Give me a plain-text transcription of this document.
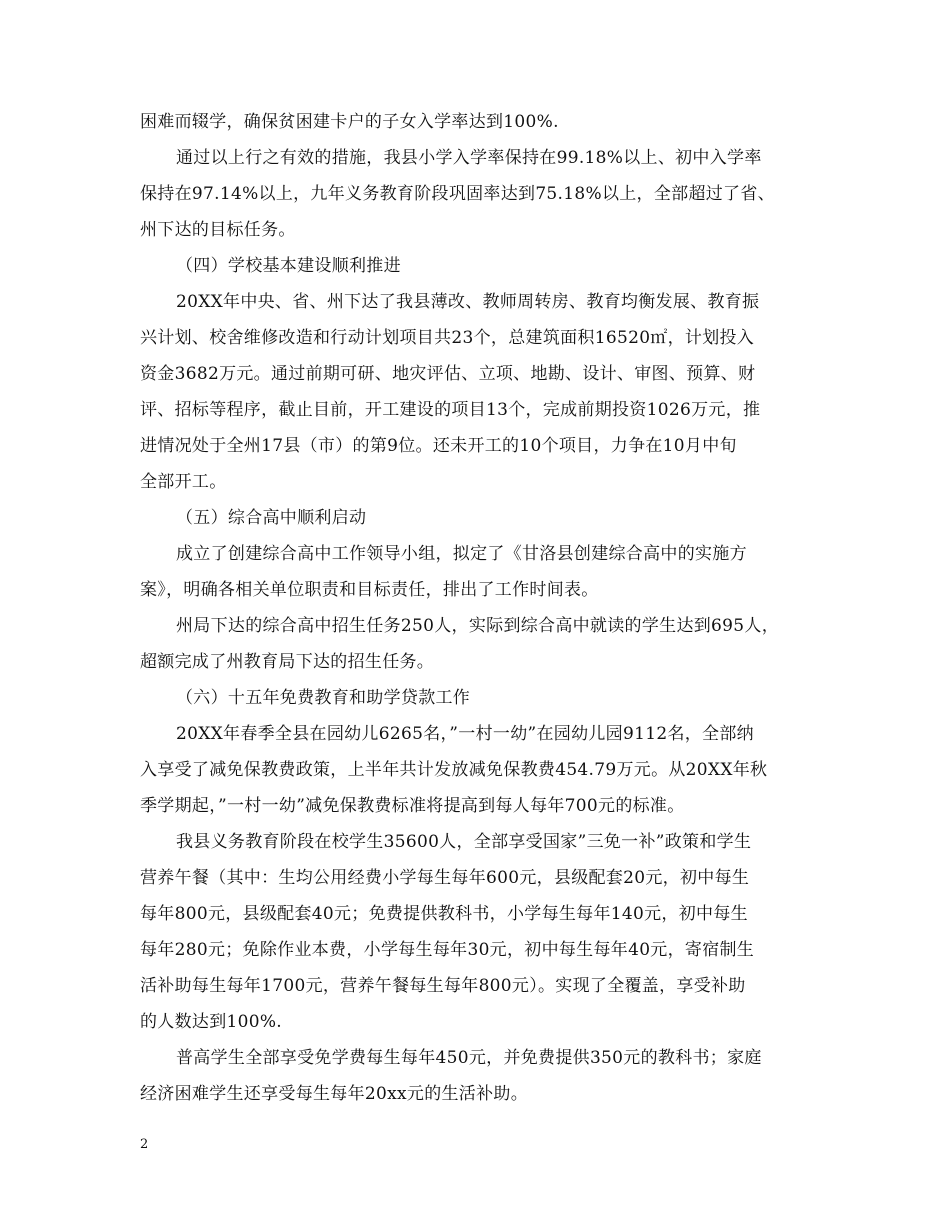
困难而辍学，确保贫困建卡户的子女入学率达到100%.
通过以上行之有效的措施，我县小学入学率保持在99.18%以上、初中入学率
保持在97.14%以上，九年义务教育阶段巩固率达到75.18%以上，全部超过了省、
州下达的目标任务。
（四）学校基本建设顺利推进
20XX年中央、省、州下达了我县薄改、教师周转房、教育均衡发展、教育振
兴计划、校舍维修改造和行动计划项目共23个，总建筑面积16520㎡，计划投入
资金3682万元。通过前期可研、地灾评估、立项、地勘、设计、审图、预算、财
评、招标等程序，截止目前，开工建设的项目13个，完成前期投资1026万元，推
进情况处于全州17县（市）的第9位。还未开工的10个项目，力争在10月中旬
全部开工。
（五）综合高中顺利启动
成立了创建综合高中工作领导小组，拟定了《甘洛县创建综合高中的实施方
案》，明确各相关单位职责和目标责任，排出了工作时间表。
州局下达的综合高中招生任务250人，实际到综合高中就读的学生达到695人，
超额完成了州教育局下达的招生任务。
（六）十五年免费教育和助学贷款工作
20XX年春季全县在园幼儿6265名，”一村一幼”在园幼儿园9112名，全部纳
入享受了减免保教费政策，上半年共计发放减免保教费454.79万元。从20XX年秋
季学期起，”一村一幼”减免保教费标准将提高到每人每年700元的标准。
我县义务教育阶段在校学生35600人，全部享受国家”三免一补”政策和学生
营养午餐（其中：生均公用经费小学每生每年600元，县级配套20元，初中每生
每年800元，县级配套40元；免费提供教科书，小学每生每年140元，初中每生
每年280元；免除作业本费，小学每生每年30元，初中每生每年40元，寄宿制生
活补助每生每年1700元，营养午餐每生每年800元）。实现了全覆盖，享受补助
的人数达到100%.
普高学生全部享受免学费每生每年450元，并免费提供350元的教科书；家庭
经济困难学生还享受每生每年20xx元的生活补助。
2
